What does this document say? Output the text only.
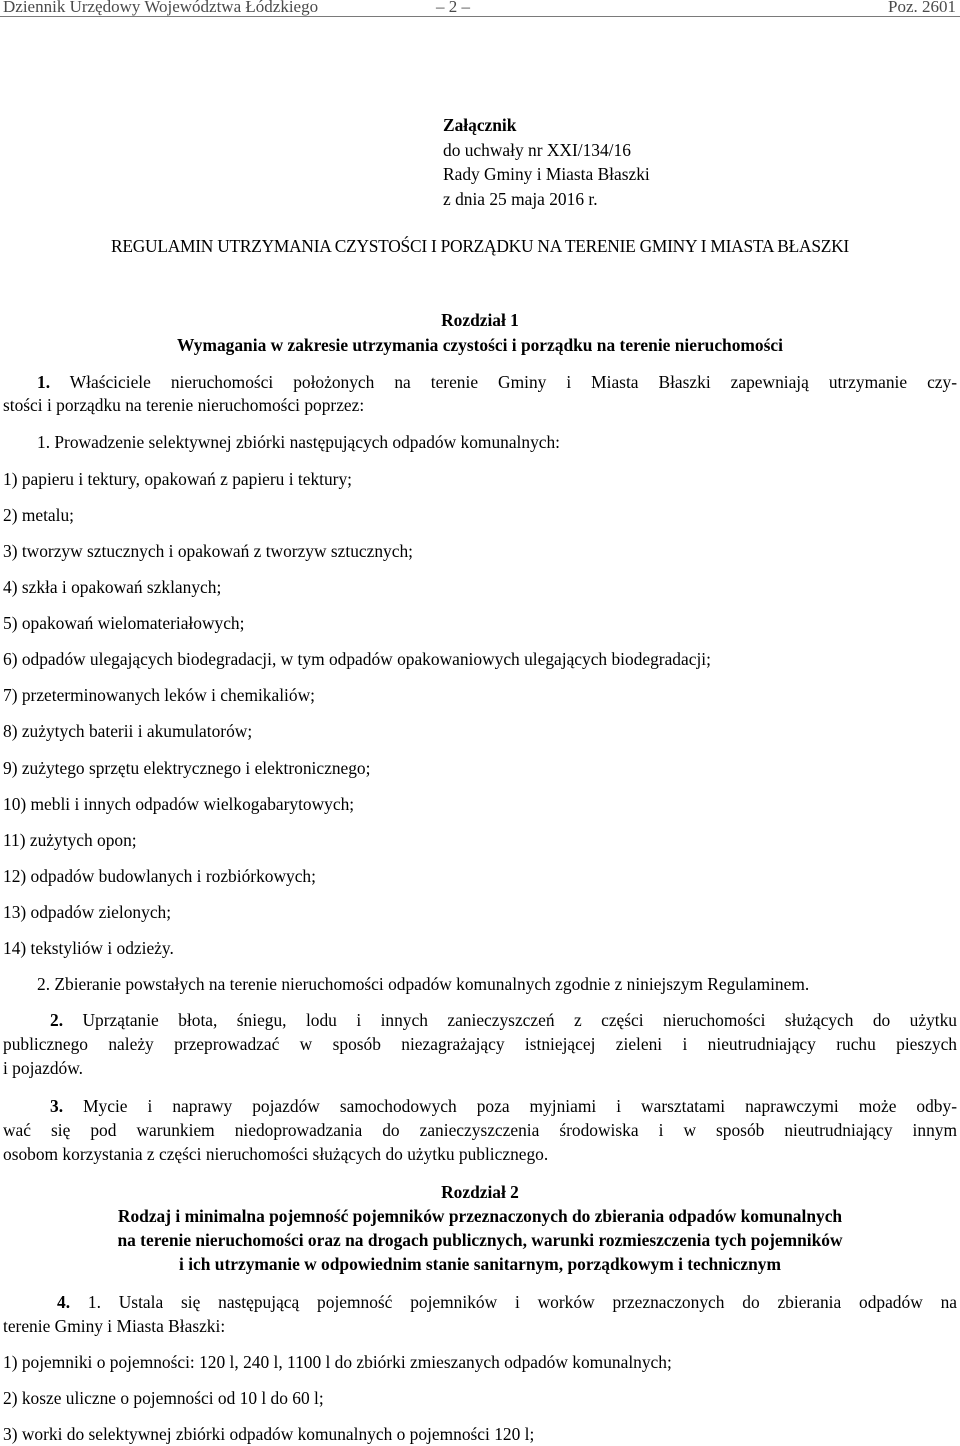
Dziennik Urzędowy Województwa Łódzkiego	– 2 –	Poz. 2601
Załącznik
do uchwały nr XXI/134/16
Rady Gminy i Miasta Błaszki
z dnia 25 maja 2016 r.
REGULAMIN UTRZYMANIA CZYSTOŚCI I PORZĄDKU NA TERENIE GMINY I MIASTA BŁASZKI
Rozdział 1
Wymagania w zakresie utrzymania czystości i porządku na terenie nieruchomości
1. Właściciele nieruchomości położonych na terenie Gminy i Miasta Błaszki zapewniają utrzymanie czy-
stości i porządku na terenie nieruchomości poprzez:
1. Prowadzenie selektywnej zbiórki następujących odpadów komunalnych:
1) papieru i tektury, opakowań z papieru i tektury;
2) metalu;
3) tworzyw sztucznych i opakowań z tworzyw sztucznych;
4) szkła i opakowań szklanych;
5) opakowań wielomateriałowych;
6) odpadów ulegających biodegradacji, w tym odpadów opakowaniowych ulegających biodegradacji;
7) przeterminowanych leków i chemikaliów;
8) zużytych baterii i akumulatorów;
9) zużytego sprzętu elektrycznego i elektronicznego;
10) mebli i innych odpadów wielkogabarytowych;
11) zużytych opon;
12) odpadów budowlanych i rozbiórkowych;
13) odpadów zielonych;
14) tekstyliów i odzieży.
2. Zbieranie powstałych na terenie nieruchomości odpadów komunalnych zgodnie z niniejszym Regulaminem.
2. Uprzątanie błota, śniegu, lodu i innych zanieczyszczeń z części nieruchomości służących do użytku
publicznego należy przeprowadzać w sposób niezagrażający istniejącej zieleni i nieutrudniający ruchu pieszych
i pojazdów.
3. Mycie i naprawy pojazdów samochodowych poza myjniami i warsztatami naprawczymi może odby-
wać się pod warunkiem niedoprowadzania do zanieczyszczenia środowiska i w sposób nieutrudniający innym
osobom korzystania z części nieruchomości służących do użytku publicznego.
Rozdział 2
Rodzaj i minimalna pojemność pojemników przeznaczonych do zbierania odpadów komunalnych
na terenie nieruchomości oraz na drogach publicznych, warunki rozmieszczenia tych pojemników
i ich utrzymanie w odpowiednim stanie sanitarnym, porządkowym i technicznym
4. 1. Ustala się następującą pojemność pojemników i worków przeznaczonych do zbierania odpadów na
terenie Gminy i Miasta Błaszki:
1) pojemniki o pojemności: 120 l, 240 l, 1100 l do zbiórki zmieszanych odpadów komunalnych;
2) kosze uliczne o pojemności od 10 l do 60 l;
3) worki do selektywnej zbiórki odpadów komunalnych o pojemności 120 l;
